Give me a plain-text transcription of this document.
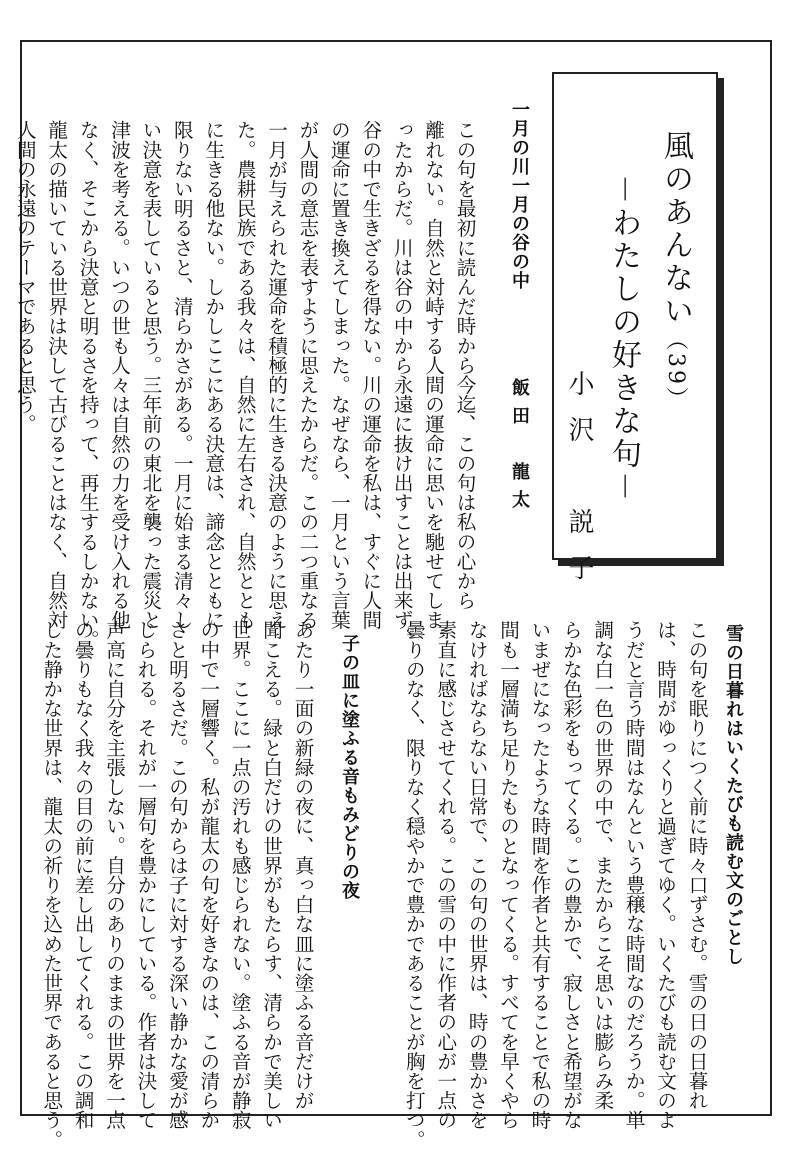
風のあんない（39）
－わたしの好きな句－
小沢　説子
一月の川一月の谷の中
飯田　龍太
この句を最初に読んだ時から今迄、この句は私の心から
離れない。自然と対峙する人間の運命に思いを馳せてしま
ったからだ。川は谷の中から永遠に抜け出すことは出来ず、
谷の中で生きざるを得ない。川の運命を私は、すぐに人間
の運命に置き換えてしまった。なぜなら、一月という言葉
が人間の意志を表すように思えたからだ。この二つ重なる
一月が与えられた運命を積極的に生きる決意のように思え
た。農耕民族である我々は、自然に左右され、自然ととも
に生きる他ない。しかしここにある決意は、諦念とともに
限りない明るさと、清らかさがある。一月に始まる清々し
い決意を表していると思う。三年前の東北を襲った震災と
津波を考える。いつの世も人々は自然の力を受け入れる他
なく、そこから決意と明るさを持って、再生するしかない。
龍太の描いている世界は決して古びることはなく、自然対
人間の永遠のテーマであると思う。
雪の日暮れはいくたびも読む文のごとし
この句を眠りにつく前に時々口ずさむ。雪の日の日暮れ
は、時間がゆっくりと過ぎてゆく。いくたびも読む文のよ
うだと言う時間はなんという豊穣な時間なのだろうか。単
調な白一色の世界の中で、またからこそ思いは膨らみ柔
らかな色彩をもってくる。この豊かで、寂しさと希望がな
いまぜになったような時間を作者と共有することで私の時
間も一層満ち足りたものとなってくる。すべてを早くやら
なければならない日常で、この句の世界は、時の豊かさを
素直に感じさせてくれる。この雪の中に作者の心が一点の
曇りのなく、限りなく穏やかで豊かであることが胸を打つ。
子の皿に塗ふる音もみどりの夜
あたり一面の新緑の夜に、真っ白な皿に塗ふる音だけが
聞こえる。緑と白だけの世界がもたらす、清らかで美しい
世界。ここに一点の汚れも感じられない。塗ふる音が静寂
の中で一層響く。私が龍太の句を好きなのは、この清らか
さと明るさだ。この句からは子に対する深い静かな愛が感
じられる。それが一層句を豊かにしている。作者は決して
声高に自分を主張しない。自分のありのままの世界を一点
の曇りもなく我々の目の前に差し出してくれる。この調和
した静かな世界は、龍太の祈りを込めた世界であると思う。
